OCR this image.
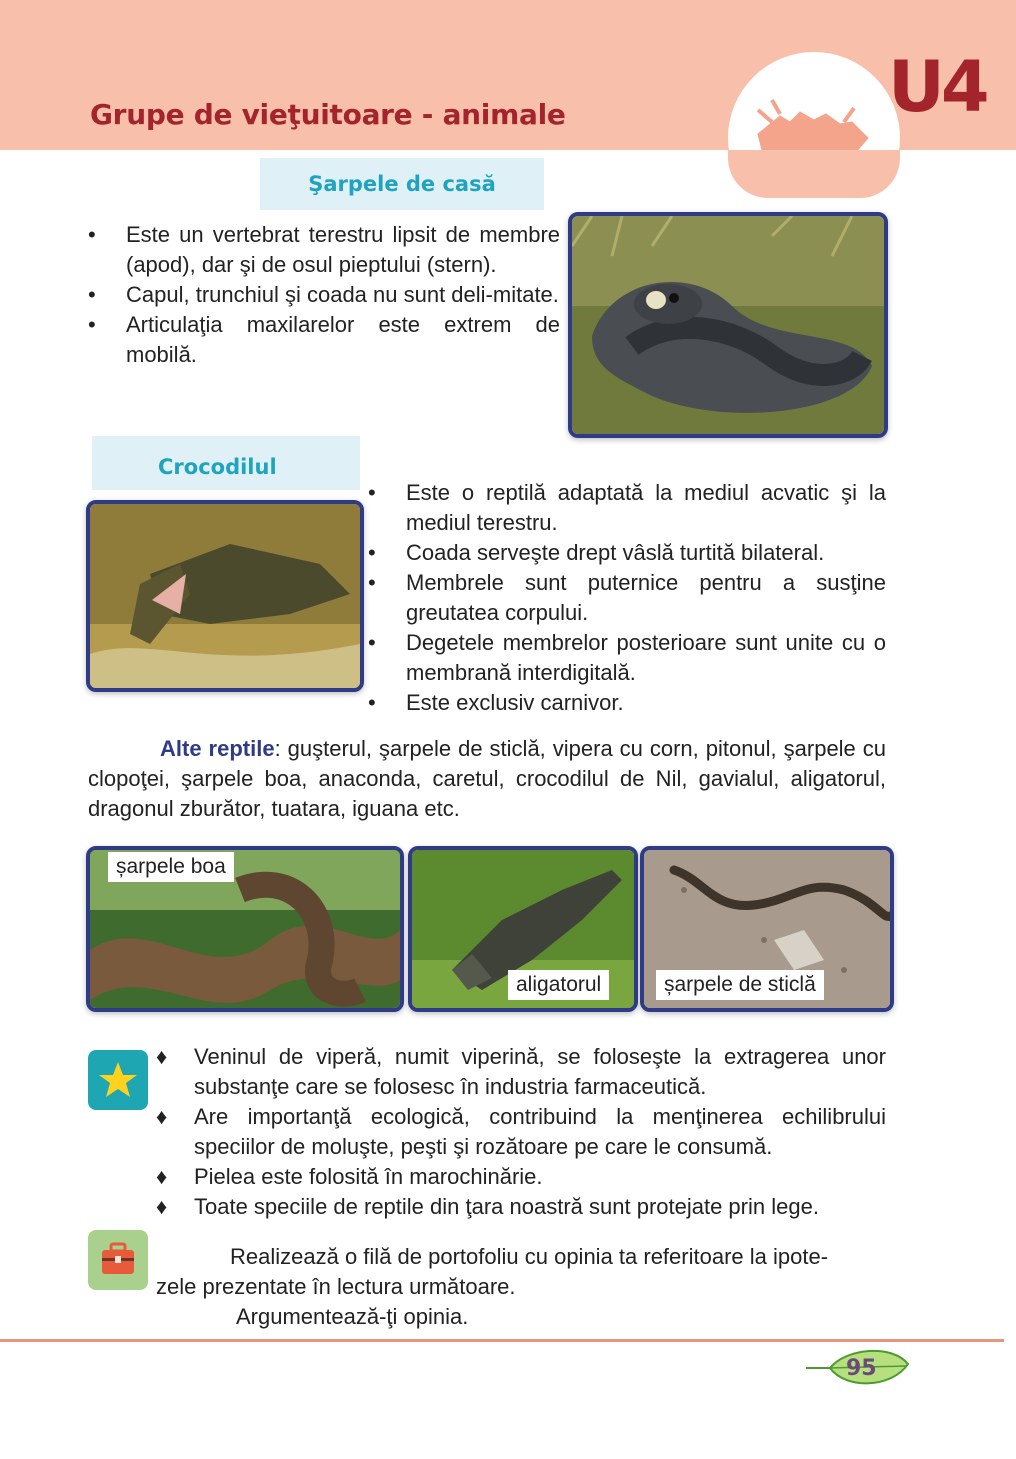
Grupe de vieţuitoare - animale	U4
Şarpele de casă
• Este un vertebrat terestru lipsit de membre (apod), dar şi de osul pieptului (stern).
• Capul, trunchiul şi coada nu sunt deli-mitate.
• Articulaţia maxilarelor este extrem de mobilă.
Crocodilul
• Este o reptilă adaptată la mediul acvatic şi la mediul terestru.
• Coada serveşte drept vâslă turtită bilateral.
• Membrele sunt puternice pentru a susţine greutatea corpului.
• Degetele membrelor posterioare sunt unite cu o membrană interdigitală.
• Este exclusiv carnivor.
Alte reptile: guşterul, şarpele de sticlă, vipera cu corn, pitonul, şarpele cu clopoţei, şarpele boa, anaconda, caretul, crocodilul de Nil, gavialul, aligatorul, dragonul zburător, tuatara, iguana etc.
șarpele boa
aligatorul	șarpele de sticlă
♦ Veninul de viperă, numit viperină, se foloseşte la extragerea unor substanţe care se folosesc în industria farmaceutică.
♦ Are importanţă ecologică, contribuind la menţinerea echilibrului speciilor de moluşte, peşti şi rozătoare pe care le consumă.
♦ Pielea este folosită în marochinărie.
♦ Toate speciile de reptile din ţara noastră sunt protejate prin lege.
Realizează o filă de portofoliu cu opinia ta referitoare la ipote-
zele prezentate în lectura următoare.
Argumentează-ţi opinia.
95
